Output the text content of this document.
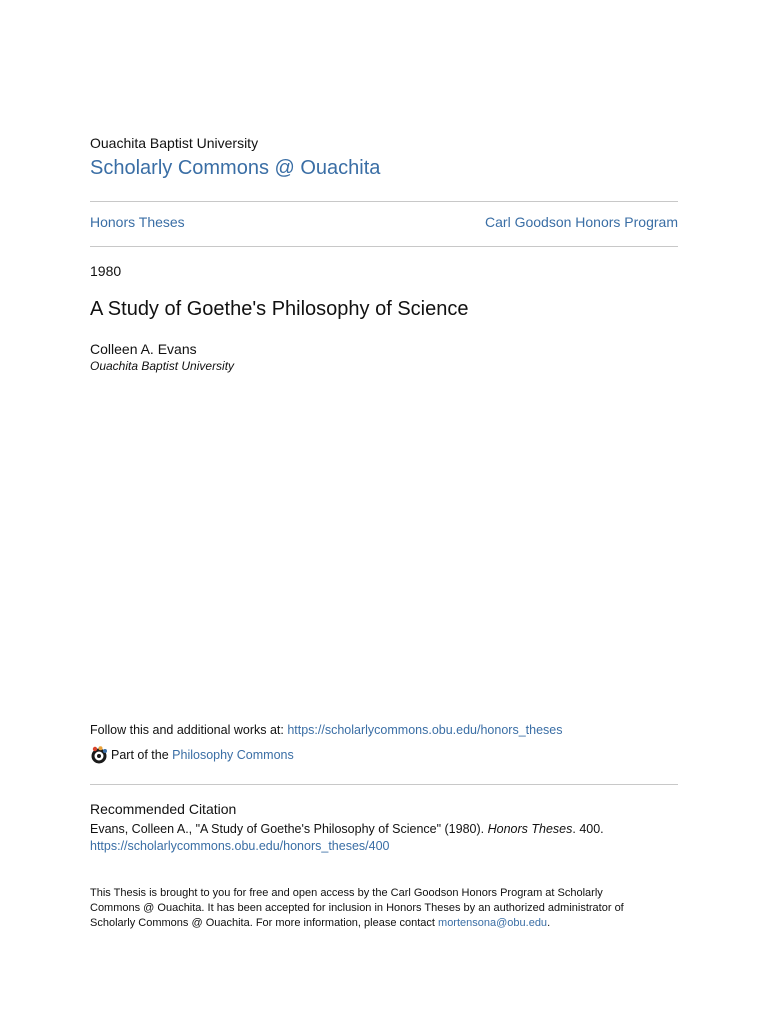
Ouachita Baptist University
Scholarly Commons @ Ouachita
Honors Theses	Carl Goodson Honors Program
1980
A Study of Goethe's Philosophy of Science
Colleen A. Evans
Ouachita Baptist University
Follow this and additional works at: https://scholarlycommons.obu.edu/honors_theses
Part of the Philosophy Commons
Recommended Citation
Evans, Colleen A., "A Study of Goethe's Philosophy of Science" (1980). Honors Theses. 400.
https://scholarlycommons.obu.edu/honors_theses/400
This Thesis is brought to you for free and open access by the Carl Goodson Honors Program at Scholarly Commons @ Ouachita. It has been accepted for inclusion in Honors Theses by an authorized administrator of Scholarly Commons @ Ouachita. For more information, please contact mortensona@obu.edu.
